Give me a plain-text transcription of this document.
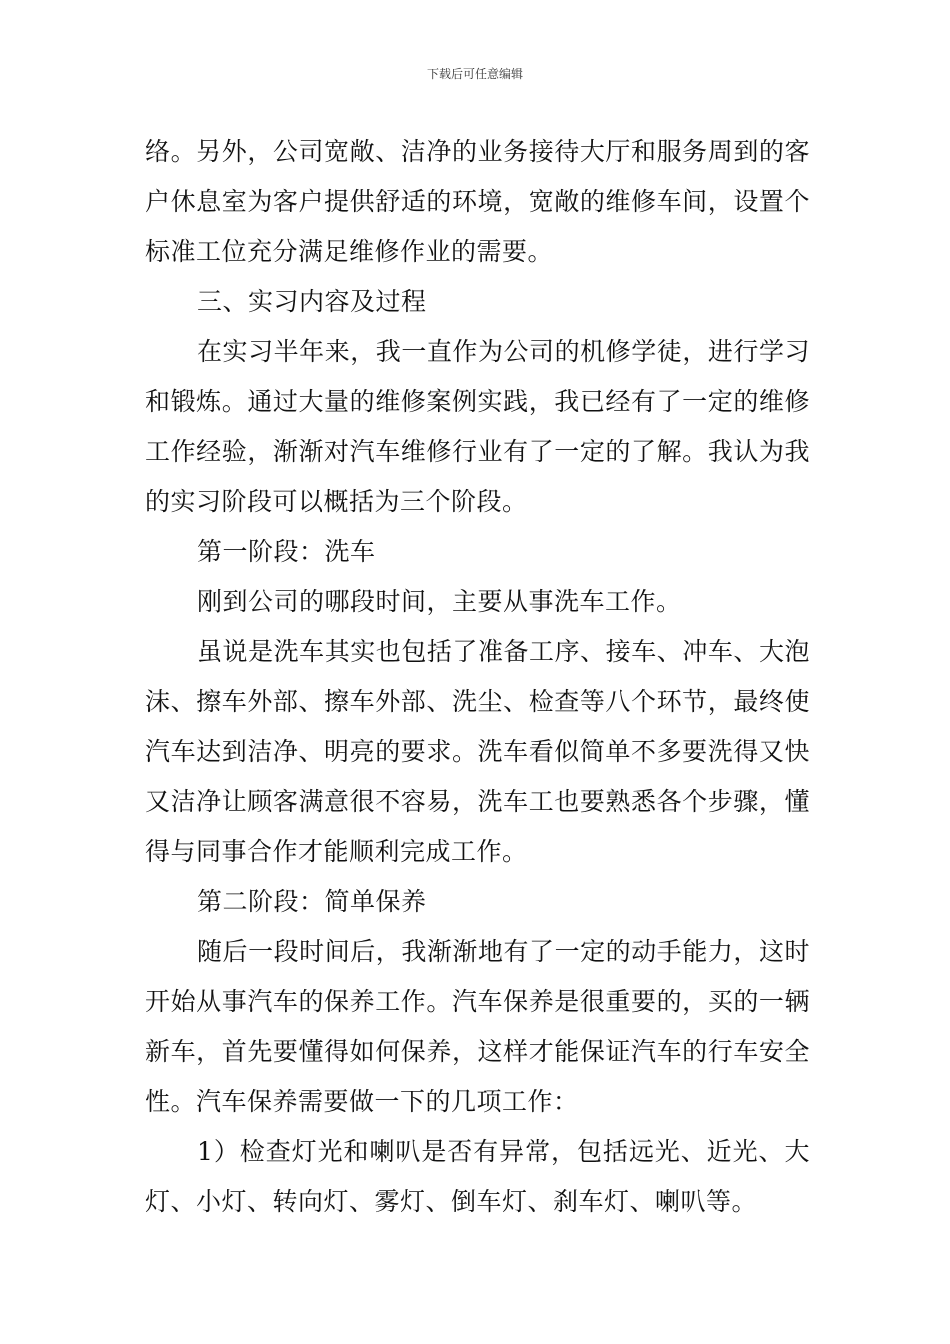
下载后可任意编辑

络。另外，公司宽敞、洁净的业务接待大厅和服务周到的客户休息室为客户提供舒适的环境，宽敞的维修车间，设置个标准工位充分满足维修作业的需要。

三、实习内容及过程

在实习半年来，我一直作为公司的机修学徒，进行学习和锻炼。通过大量的维修案例实践，我已经有了一定的维修工作经验，渐渐对汽车维修行业有了一定的了解。我认为我的实习阶段可以概括为三个阶段。

第一阶段：洗车

刚到公司的哪段时间，主要从事洗车工作。

虽说是洗车其实也包括了准备工序、接车、冲车、大泡沫、擦车外部、擦车外部、洗尘、检查等八个环节，最终使汽车达到洁净、明亮的要求。洗车看似简单不多要洗得又快又洁净让顾客满意很不容易，洗车工也要熟悉各个步骤，懂得与同事合作才能顺利完成工作。

第二阶段：简单保养

随后一段时间后，我渐渐地有了一定的动手能力，这时开始从事汽车的保养工作。汽车保养是很重要的，买的一辆新车，首先要懂得如何保养，这样才能保证汽车的行车安全性。汽车保养需要做一下的几项工作：

1）检查灯光和喇叭是否有异常，包括远光、近光、大灯、小灯、转向灯、雾灯、倒车灯、刹车灯、喇叭等。
